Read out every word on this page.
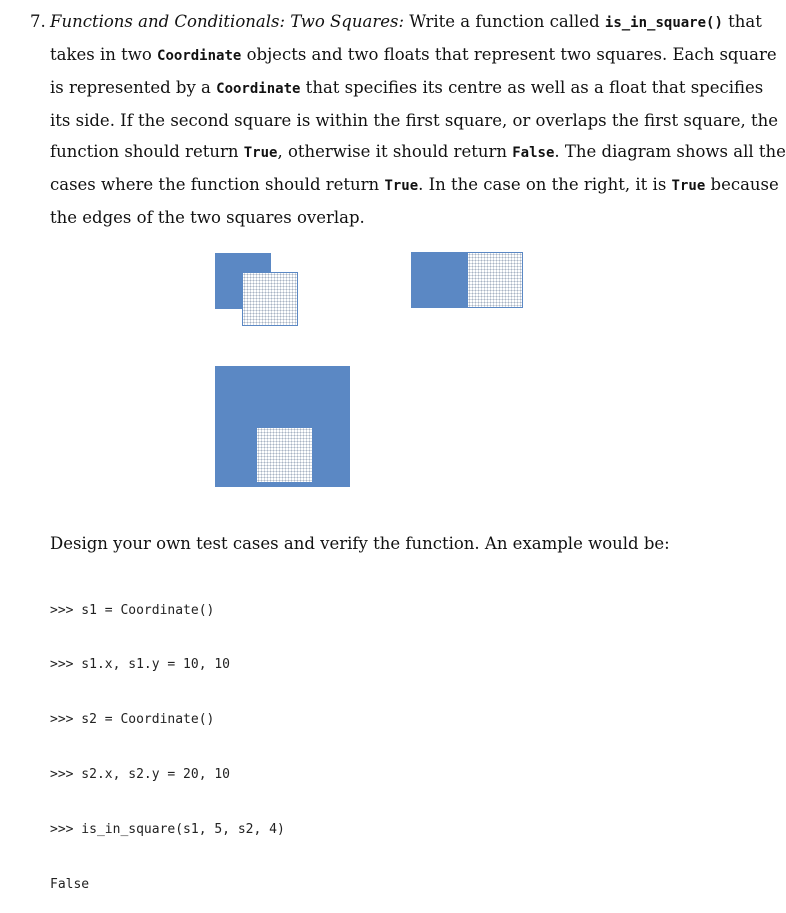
7. Functions and Conditionals: Two Squares: Write a function called is_in_square() that
takes in two Coordinate objects and two floats that represent two squares. Each square
is represented by a Coordinate that specifies its centre as well as a float that specifies
its side. If the second square is within the first square, or overlaps the first square, the
function should return True, otherwise it should return False. The diagram shows all the
cases where the function should return True. In the case on the right, it is True because
the edges of the two squares overlap.
Design your own test cases and verify the function. An example would be:

>>> s1 = Coordinate()

>>> s1.x, s1.y = 10, 10

>>> s2 = Coordinate()

>>> s2.x, s2.y = 20, 10

>>> is_in_square(s1, 5, s2, 4)

False
